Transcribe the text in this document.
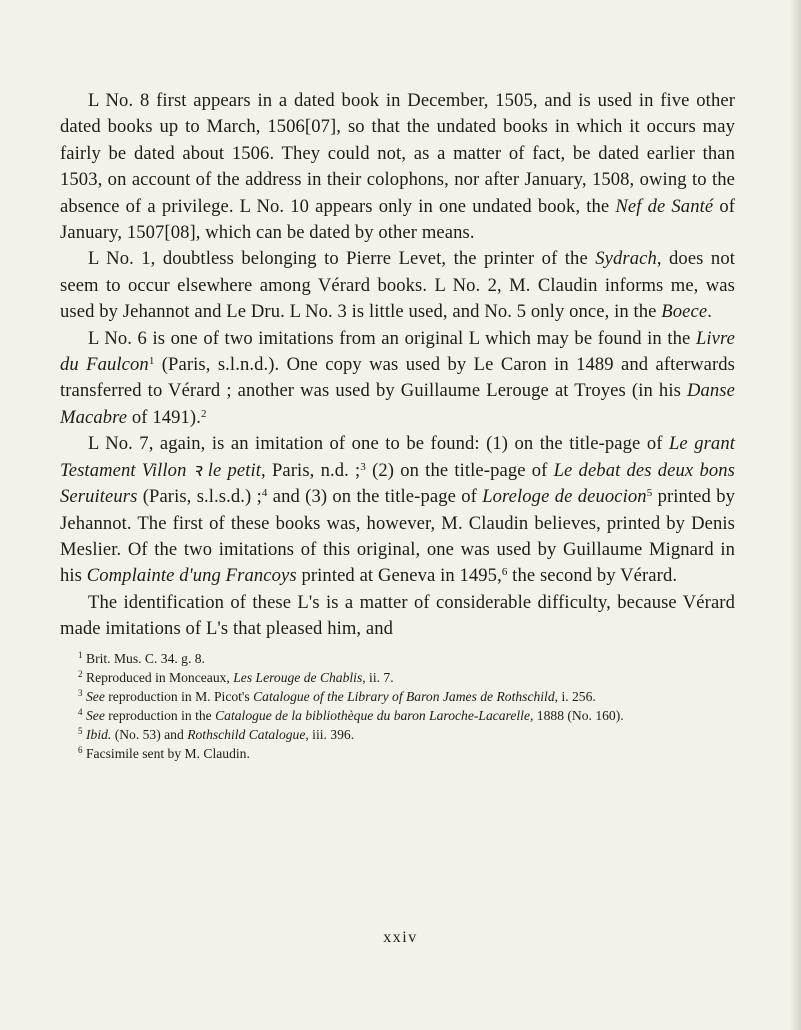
L No. 8 first appears in a dated book in December, 1505, and is used in five other dated books up to March, 1506[07], so that the undated books in which it occurs may fairly be dated about 1506. They could not, as a matter of fact, be dated earlier than 1503, on account of the address in their colophons, nor after January, 1508, owing to the absence of a privilege. L No. 10 appears only in one undated book, the Nef de Santé of January, 1507[08], which can be dated by other means.

L No. 1, doubtless belonging to Pierre Levet, the printer of the Sydrach, does not seem to occur elsewhere among Vérard books. L No. 2, M. Claudin informs me, was used by Jehannot and Le Dru. L No. 3 is little used, and No. 5 only once, in the Boece.

L No. 6 is one of two imitations from an original L which may be found in the Livre du Faulcon$^1$ (Paris, s.l.n.d.). One copy was used by Le Caron in 1489 and afterwards transferred to Vérard ; another was used by Guillaume Lerouge at Troyes (in his Danse Macabre of 1491).$^2$

L No. 7, again, is an imitation of one to be found: (1) on the title-page of Le grant Testament Villon ꝛ le petit, Paris, n.d. ;$^3$ (2) on the title-page of Le debat des deux bons Seruiteurs (Paris, s.l.s.d.) ;$^4$ and (3) on the title-page of Loreloge de deuocion$^5$ printed by Jehannot. The first of these books was, however, M. Claudin believes, printed by Denis Meslier. Of the two imitations of this original, one was used by Guillaume Mignard in his Complainte d'ung Francoys printed at Geneva in 1495,$^6$ the second by Vérard.

The identification of these L's is a matter of considerable difficulty, because Vérard made imitations of L's that pleased him, and

1 Brit. Mus. C. 34. g. 8.

2 Reproduced in Monceaux, Les Lerouge de Chablis, ii. 7.

3 See reproduction in M. Picot's Catalogue of the Library of Baron James de Rothschild, i. 256.

4 See reproduction in the Catalogue de la bibliothèque du baron Laroche-Lacarelle, 1888 (No. 160).

5 Ibid. (No. 53) and Rothschild Catalogue, iii. 396.

6 Facsimile sent by M. Claudin.

xxiv
